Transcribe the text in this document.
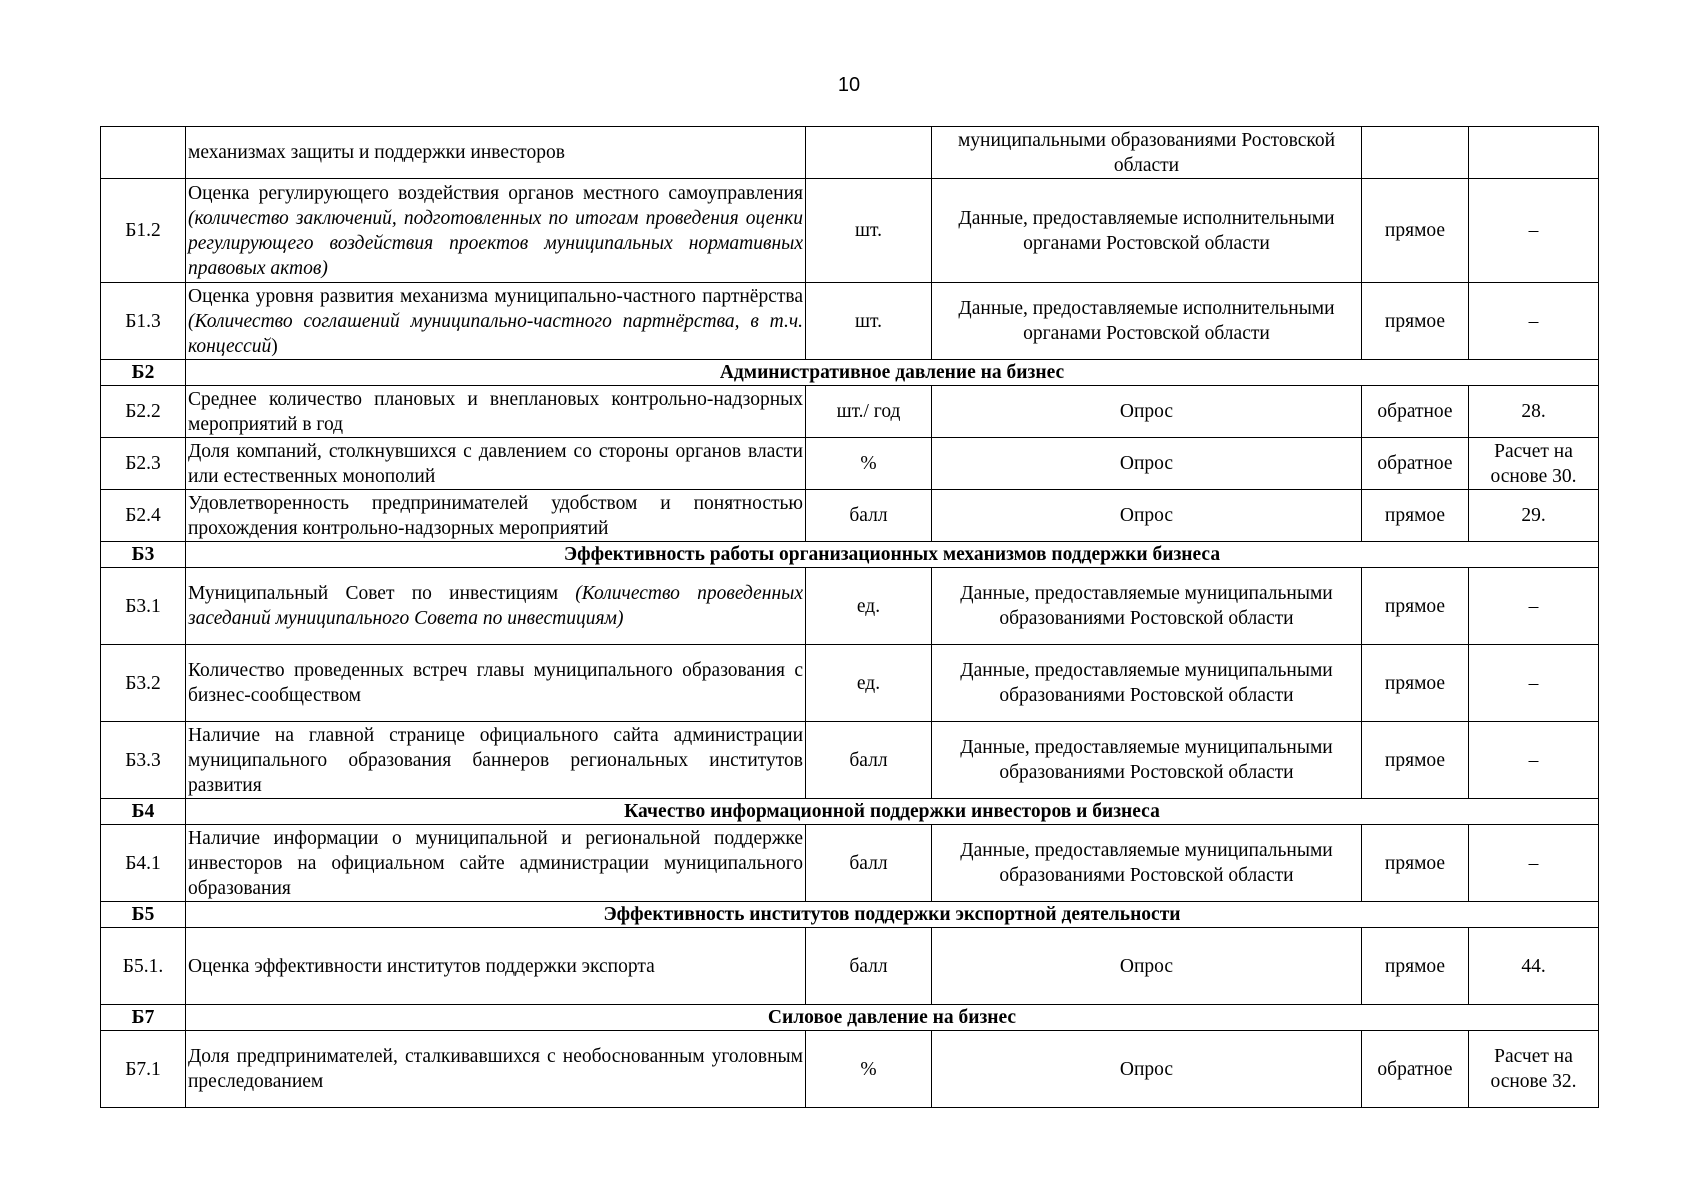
10
	механизмах защиты и поддержки инвесторов		муниципальными образованиями Ростовской области		
Б1.2	Оценка регулирующего воздействия органов местного самоуправления (количество заключений, подготовленных по итогам проведения оценки регулирующего воздействия проектов муниципальных нормативных правовых актов)	шт.	Данные, предоставляемые исполнительными органами Ростовской области	прямое	–
Б1.3	Оценка уровня развития механизма муниципально-частного партнёрства (Количество соглашений муниципально-частного партнёрства, в т.ч. концессий)	шт.	Данные, предоставляемые исполнительными органами Ростовской области	прямое	–
Б2	Административное давление на бизнес				
Б2.2	Среднее количество плановых и внеплановых контрольно-надзорных мероприятий в год	шт./ год	Опрос	обратное	28.
Б2.3	Доля компаний, столкнувшихся с давлением со стороны органов власти или естественных монополий	%	Опрос	обратное	Расчет на основе 30.
Б2.4	Удовлетворенность предпринимателей удобством и понятностью прохождения контрольно-надзорных мероприятий	балл	Опрос	прямое	29.
Б3	Эффективность работы организационных механизмов поддержки бизнеса				
Б3.1	Муниципальный Совет по инвестициям (Количество проведенных заседаний муниципального Совета по инвестициям)	ед.	Данные, предоставляемые муниципальными образованиями Ростовской области	прямое	–
Б3.2	Количество проведенных встреч главы муниципального образования с бизнес-сообществом	ед.	Данные, предоставляемые муниципальными образованиями Ростовской области	прямое	–
Б3.3	Наличие на главной странице официального сайта администрации муниципального образования баннеров региональных институтов развития	балл	Данные, предоставляемые муниципальными образованиями Ростовской области	прямое	–
Б4	Качество информационной поддержки инвесторов и бизнеса				
Б4.1	Наличие информации о муниципальной и региональной поддержке инвесторов на официальном сайте администрации муниципального образования	балл	Данные, предоставляемые муниципальными образованиями Ростовской области	прямое	–
Б5	Эффективность институтов поддержки экспортной деятельности				
Б5.1.	Оценка эффективности институтов поддержки экспорта	балл	Опрос	прямое	44.
Б7	Силовое давление на бизнес				
Б7.1	Доля предпринимателей, сталкивавшихся с необоснованным уголовным преследованием	%	Опрос	обратное	Расчет на основе 32.
